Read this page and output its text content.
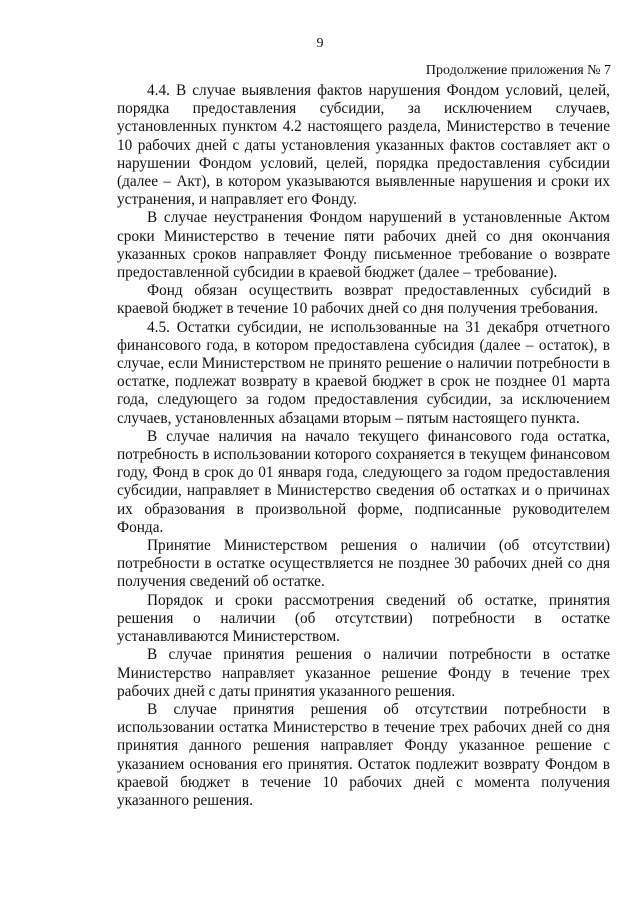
9
Продолжение приложения № 7

4.4. В случае выявления фактов нарушения Фондом условий, целей, порядка предоставления субсидии, за исключением случаев, установленных пунктом 4.2 настоящего раздела, Министерство в течение 10 рабочих дней с даты установления указанных фактов составляет акт о нарушении Фондом условий, целей, порядка предоставления субсидии (далее – Акт), в котором указываются выявленные нарушения и сроки их устранения, и направляет его Фонду.

В случае неустранения Фондом нарушений в установленные Актом сроки Министерство в течение пяти рабочих дней со дня окончания указанных сроков направляет Фонду письменное требование о возврате предоставленной субсидии в краевой бюджет (далее – требование).

Фонд обязан осуществить возврат предоставленных субсидий в краевой бюджет в течение 10 рабочих дней со дня получения требования.

4.5. Остатки субсидии, не использованные на 31 декабря отчетного финансового года, в котором предоставлена субсидия (далее – остаток), в случае, если Министерством не принято решение о наличии потребности в остатке, подлежат возврату в краевой бюджет в срок не позднее 01 марта года, следующего за годом предоставления субсидии, за исключением случаев, установленных абзацами вторым – пятым настоящего пункта.

В случае наличия на начало текущего финансового года остатка, потребность в использовании которого сохраняется в текущем финансовом году, Фонд в срок до 01 января года, следующего за годом предоставления субсидии, направляет в Министерство сведения об остатках и о причинах их образования в произвольной форме, подписанные руководителем Фонда.

Принятие Министерством решения о наличии (об отсутствии) потребности в остатке осуществляется не позднее 30 рабочих дней со дня получения сведений об остатке.

Порядок и сроки рассмотрения сведений об остатке, принятия решения о наличии (об отсутствии) потребности в остатке устанавливаются Министерством.

В случае принятия решения о наличии потребности в остатке Министерство направляет указанное решение Фонду в течение трех рабочих дней с даты принятия указанного решения.

В случае принятия решения об отсутствии потребности в использовании остатка Министерство в течение трех рабочих дней со дня принятия данного решения направляет Фонду указанное решение с указанием основания его принятия. Остаток подлежит возврату Фондом в краевой бюджет в течение 10 рабочих дней с момента получения указанного решения.
